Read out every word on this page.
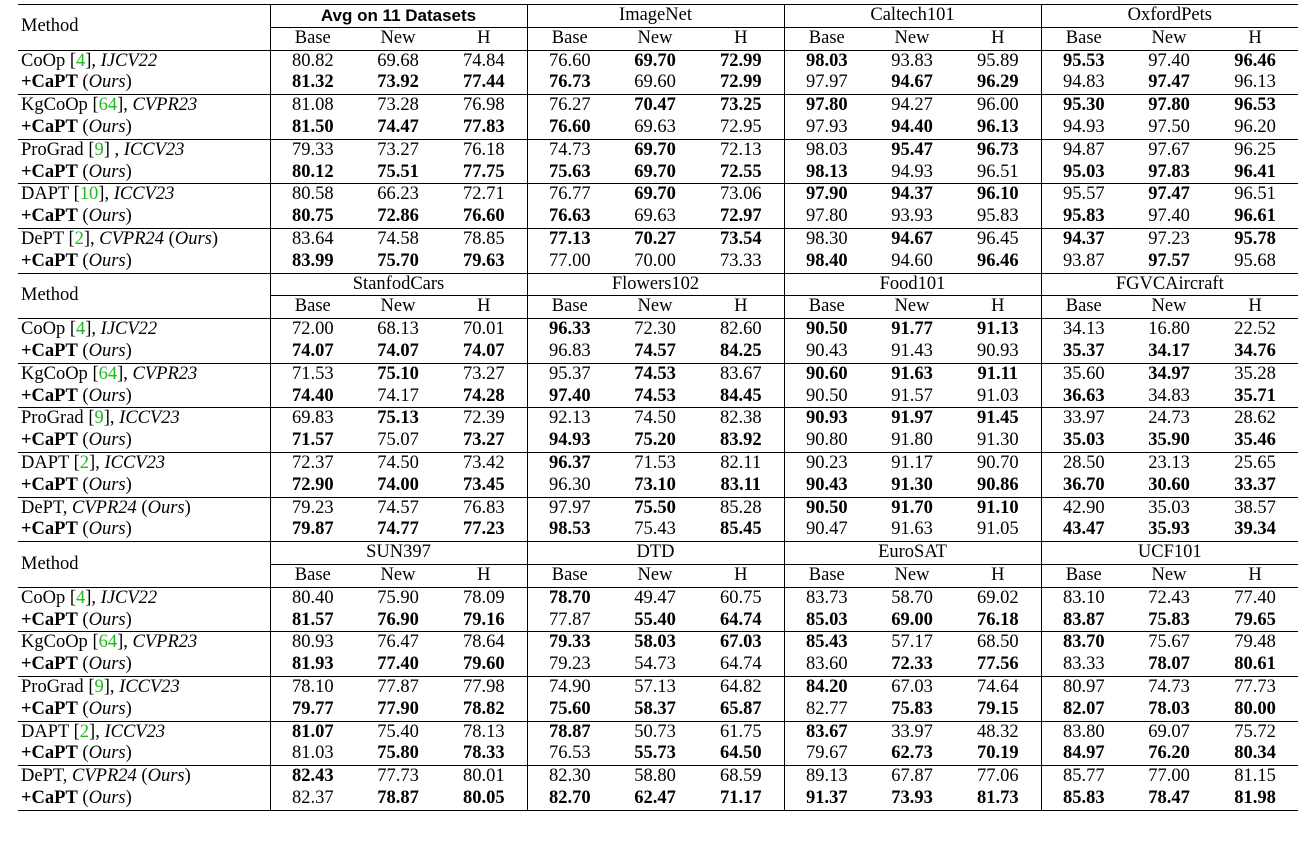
Method	Avg on 11 Datasets			ImageNet			Caltech101			OxfordPets		
	Base	New	H	Base	New	H	Base	New	H	Base	New	H
CoOp [4], IJCV22	80.82	69.68	74.84	76.60	69.70	72.99	98.03	93.83	95.89	95.53	97.40	96.46
+CaPT (Ours)	81.32	73.92	77.44	76.73	69.60	72.99	97.97	94.67	96.29	94.83	97.47	96.13
KgCoOp [64], CVPR23	81.08	73.28	76.98	76.27	70.47	73.25	97.80	94.27	96.00	95.30	97.80	96.53
+CaPT (Ours)	81.50	74.47	77.83	76.60	69.63	72.95	97.93	94.40	96.13	94.93	97.50	96.20
ProGrad [9] , ICCV23	79.33	73.27	76.18	74.73	69.70	72.13	98.03	95.47	96.73	94.87	97.67	96.25
+CaPT (Ours)	80.12	75.51	77.75	75.63	69.70	72.55	98.13	94.93	96.51	95.03	97.83	96.41
DAPT [10], ICCV23	80.58	66.23	72.71	76.77	69.70	73.06	97.90	94.37	96.10	95.57	97.47	96.51
+CaPT (Ours)	80.75	72.86	76.60	76.63	69.63	72.97	97.80	93.93	95.83	95.83	97.40	96.61
DePT [2], CVPR24 (Ours)	83.64	74.58	78.85	77.13	70.27	73.54	98.30	94.67	96.45	94.37	97.23	95.78
+CaPT (Ours)	83.99	75.70	79.63	77.00	70.00	73.33	98.40	94.60	96.46	93.87	97.57	95.68
Method	StanfodCars			Flowers102			Food101			FGVCAircraft		
	Base	New	H	Base	New	H	Base	New	H	Base	New	H
CoOp [4], IJCV22	72.00	68.13	70.01	96.33	72.30	82.60	90.50	91.77	91.13	34.13	16.80	22.52
+CaPT (Ours)	74.07	74.07	74.07	96.83	74.57	84.25	90.43	91.43	90.93	35.37	34.17	34.76
KgCoOp [64], CVPR23	71.53	75.10	73.27	95.37	74.53	83.67	90.60	91.63	91.11	35.60	34.97	35.28
+CaPT (Ours)	74.40	74.17	74.28	97.40	74.53	84.45	90.50	91.57	91.03	36.63	34.83	35.71
ProGrad [9], ICCV23	69.83	75.13	72.39	92.13	74.50	82.38	90.93	91.97	91.45	33.97	24.73	28.62
+CaPT (Ours)	71.57	75.07	73.27	94.93	75.20	83.92	90.80	91.80	91.30	35.03	35.90	35.46
DAPT [2], ICCV23	72.37	74.50	73.42	96.37	71.53	82.11	90.23	91.17	90.70	28.50	23.13	25.65
+CaPT (Ours)	72.90	74.00	73.45	96.30	73.10	83.11	90.43	91.30	90.86	36.70	30.60	33.37
DePT, CVPR24 (Ours)	79.23	74.57	76.83	97.97	75.50	85.28	90.50	91.70	91.10	42.90	35.03	38.57
+CaPT (Ours)	79.87	74.77	77.23	98.53	75.43	85.45	90.47	91.63	91.05	43.47	35.93	39.34
Method	SUN397			DTD			EuroSAT			UCF101		
	Base	New	H	Base	New	H	Base	New	H	Base	New	H
CoOp [4], IJCV22	80.40	75.90	78.09	78.70	49.47	60.75	83.73	58.70	69.02	83.10	72.43	77.40
+CaPT (Ours)	81.57	76.90	79.16	77.87	55.40	64.74	85.03	69.00	76.18	83.87	75.83	79.65
KgCoOp [64], CVPR23	80.93	76.47	78.64	79.33	58.03	67.03	85.43	57.17	68.50	83.70	75.67	79.48
+CaPT (Ours)	81.93	77.40	79.60	79.23	54.73	64.74	83.60	72.33	77.56	83.33	78.07	80.61
ProGrad [9], ICCV23	78.10	77.87	77.98	74.90	57.13	64.82	84.20	67.03	74.64	80.97	74.73	77.73
+CaPT (Ours)	79.77	77.90	78.82	75.60	58.37	65.87	82.77	75.83	79.15	82.07	78.03	80.00
DAPT [2], ICCV23	81.07	75.40	78.13	78.87	50.73	61.75	83.67	33.97	48.32	83.80	69.07	75.72
+CaPT (Ours)	81.03	75.80	78.33	76.53	55.73	64.50	79.67	62.73	70.19	84.97	76.20	80.34
DePT, CVPR24 (Ours)	82.43	77.73	80.01	82.30	58.80	68.59	89.13	67.87	77.06	85.77	77.00	81.15
+CaPT (Ours)	82.37	78.87	80.05	82.70	62.47	71.17	91.37	73.93	81.73	85.83	78.47	81.98
